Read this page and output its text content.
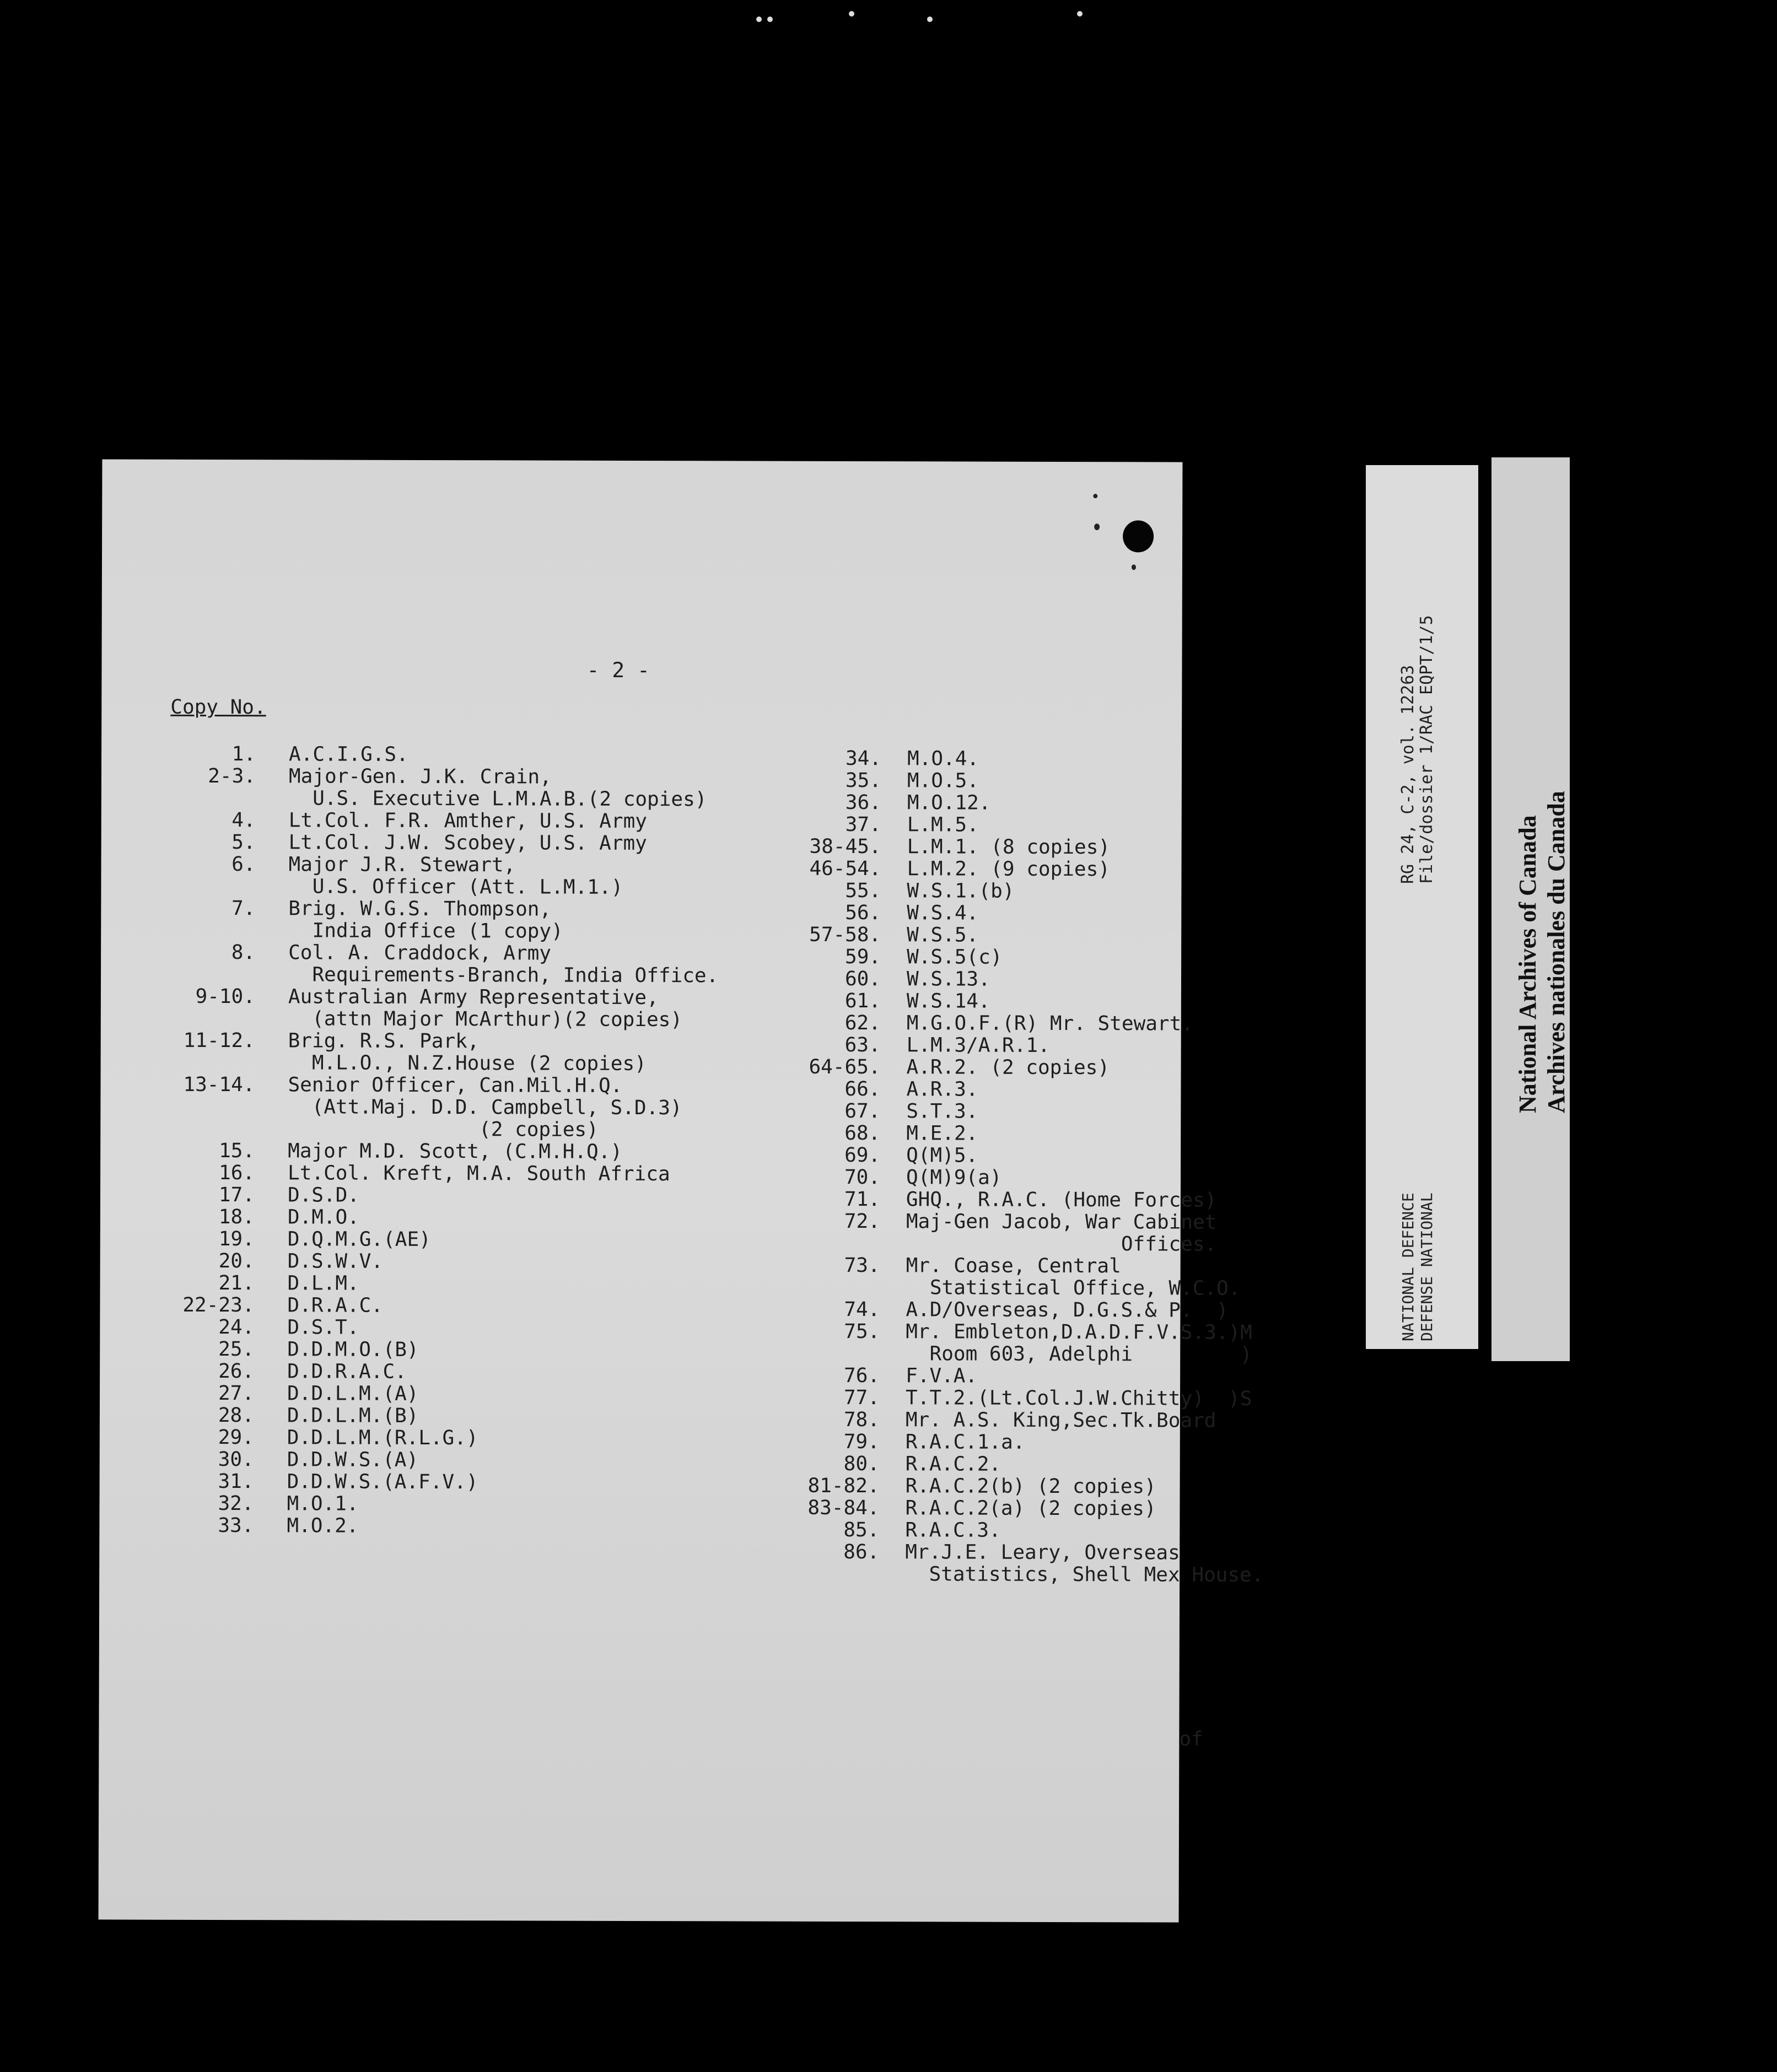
- 2 -
Copy No.
1. A.C.I.G.S.
2-3. Major-Gen. J.K. Crain,
U.S. Executive L.M.A.B.(2 copies)
4. Lt.Col. F.R. Amther, U.S. Army
5. Lt.Col. J.W. Scobey, U.S. Army
6. Major J.R. Stewart,
U.S. Officer (Att. L.M.1.)
7. Brig. W.G.S. Thompson,
India Office (1 copy)
8. Col. A. Craddock, Army
Requirements-Branch, India Office.
9-10. Australian Army Representative,
(attn Major McArthur)(2 copies)
11-12. Brig. R.S. Park,
M.L.O., N.Z.House (2 copies)
13-14. Senior Officer, Can.Mil.H.Q.
(Att.Maj. D.D. Campbell, S.D.3)
(2 copies)
15. Major M.D. Scott, (C.M.H.Q.)
16. Lt.Col. Kreft, M.A. South Africa
17. D.S.D.
18. D.M.O.
19. D.Q.M.G.(AE)
20. D.S.W.V.
21. D.L.M.
22-23. D.R.A.C.
24. D.S.T.
25. D.D.M.O.(B)
26. D.D.R.A.C.
27. D.D.L.M.(A)
28. D.D.L.M.(B)
29. D.D.L.M.(R.L.G.)
30. D.D.W.S.(A)
31. D.D.W.S.(A.F.V.)
32. M.O.1.
33. M.O.2.
34. M.O.4.
35. M.O.5.
36. M.O.12.
37. L.M.5.
38-45. L.M.1. (8 copies)
46-54. L.M.2. (9 copies)
55. W.S.1.(b)
56. W.S.4.
57-58. W.S.5.
59. W.S.5(c)
60. W.S.13.
61. W.S.14.
62. M.G.O.F.(R) Mr. Stewart.
63. L.M.3/A.R.1.
64-65. A.R.2. (2 copies)
66. A.R.3.
67. S.T.3.
68. M.E.2.
69. Q(M)5.
70. Q(M)9(a)
71. GHQ., R.A.C. (Home Forces)
72. Maj-Gen Jacob, War Cabinet
Offices.
73. Mr. Coase, Central
Statistical Office, W.C.O.
74. A.D/Overseas, D.G.S.& P.  )
75. Mr. Embleton,D.A.D.F.V.S.3.)M
Room 603, Adelphi         )
76. F.V.A.
77. T.T.2.(Lt.Col.J.W.Chitty)  )S
78. Mr. A.S. King,Sec.Tk.Board
79. R.A.C.1.a.
80. R.A.C.2.
81-82. R.A.C.2(b) (2 copies)
83-84. R.A.C.2(a) (2 copies)
85. R.A.C.3.
86. Mr.J.E. Leary, Overseas
Statistics, Shell Mex House.
of
RG 24, C-2, vol. 12263
File/dossier 1/RAC EQPT/1/5
NATIONAL DEFENCE
DEFENSE NATIONAL
National Archives of Canada
Archives nationales du Canada
